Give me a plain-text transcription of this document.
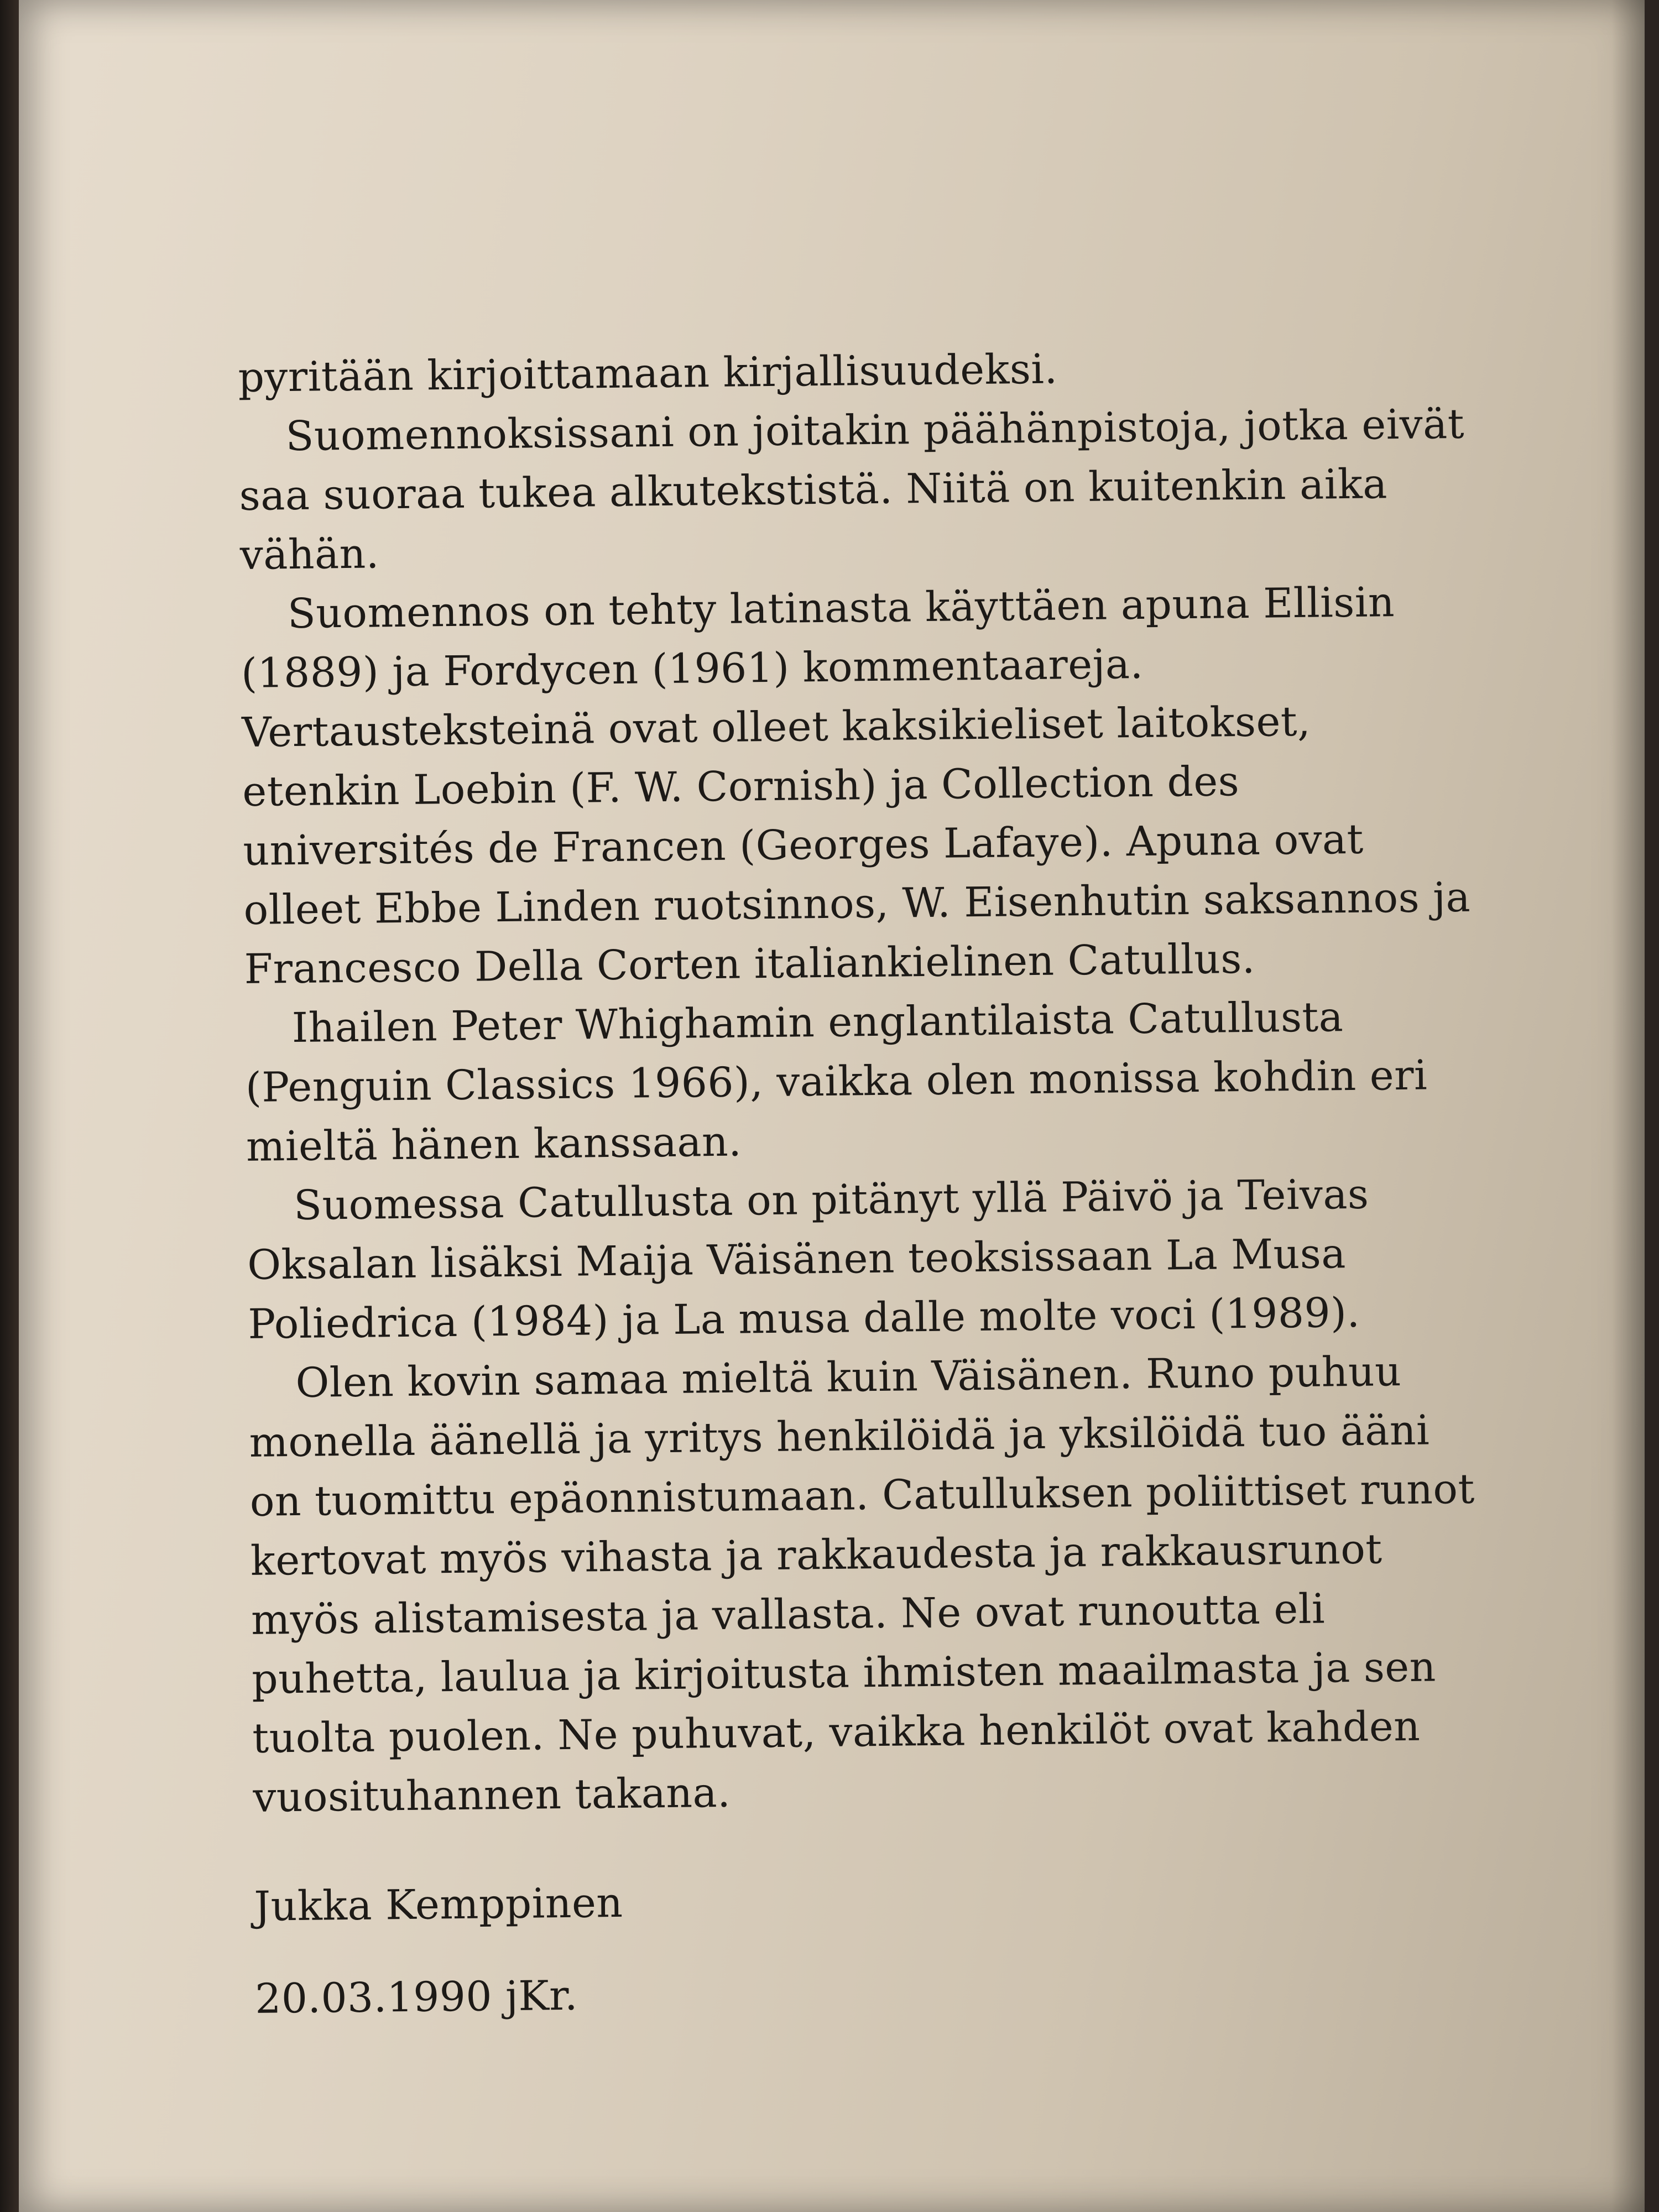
pyritään kirjoittamaan kirjallisuudeksi.

Suomennoksissani on joitakin päähänpistoja, jotka eivät saa suoraa tukea alkutekstistä. Niitä on kuitenkin aika vähän.

Suomennos on tehty latinasta käyttäen apuna Ellisin (1889) ja Fordycen (1961) kommentaareja. Vertausteksteinä ovat olleet kaksikieliset laitokset, etenkin Loebin (F. W. Cornish) ja Collection des universités de Francen (Georges Lafaye). Apuna ovat olleet Ebbe Linden ruotsinnos, W. Eisenhutin saksannos ja Francesco Della Corten italiankielinen Catullus.

Ihailen Peter Whighamin englantilaista Catullusta (Penguin Classics 1966), vaikka olen monissa kohdin eri mieltä hänen kanssaan.

Suomessa Catullusta on pitänyt yllä Päivö ja Teivas Oksalan lisäksi Maija Väisänen teoksissaan La Musa Poliedrica (1984) ja La musa dalle molte voci (1989).

Olen kovin samaa mieltä kuin Väisänen. Runo puhuu monella äänellä ja yritys henkilöidä ja yksilöidä tuo ääni on tuomittu epäonnistumaan. Catulluksen poliittiset runot kertovat myös vihasta ja rakkaudesta ja rakkausrunot myös alistamisesta ja vallasta. Ne ovat runoutta eli puhetta, laulua ja kirjoitusta ihmisten maailmasta ja sen tuolta puolen. Ne puhuvat, vaikka henkilöt ovat kahden vuosituhannen takana.

Jukka Kemppinen

20.03.1990 jKr.
